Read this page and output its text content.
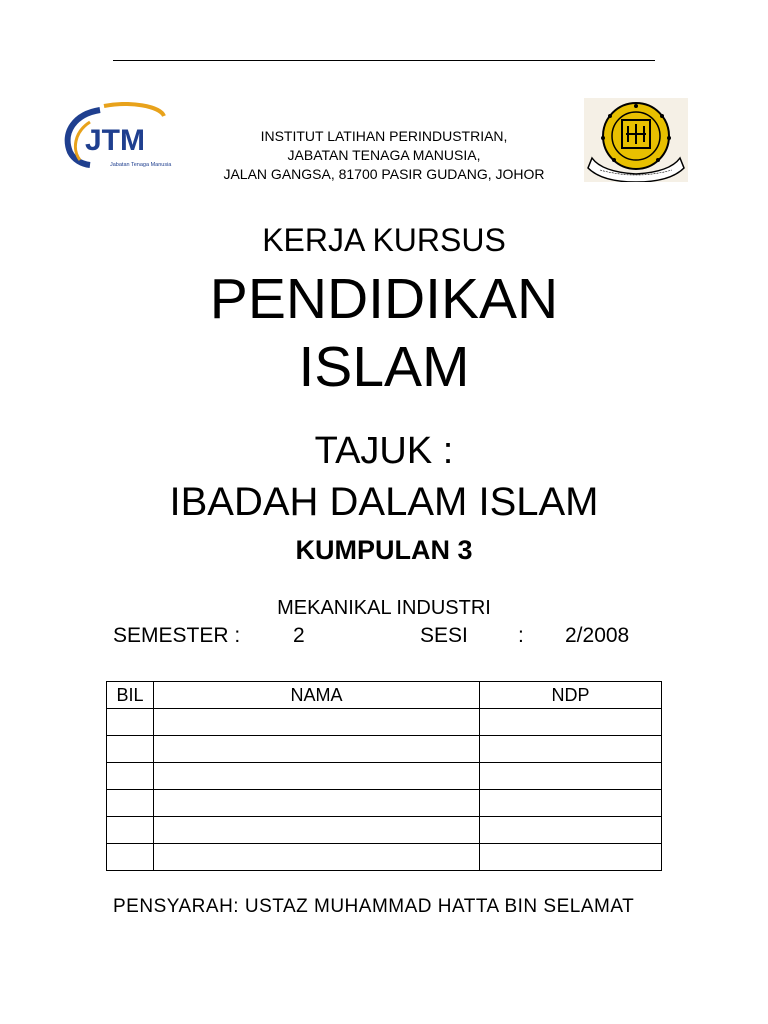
JTM
Jabatan Tenaga Manusia
INSTITUT LATIHAN PERINDUSTRIAN,
JABATAN TENAGA MANUSIA,
JALAN GANGSA, 81700 PASIR GUDANG, JOHOR
KERJA KURSUS
PENDIDIKAN
ISLAM
TAJUK :
IBADAH DALAM ISLAM
KUMPULAN 3
MEKANIKAL INDUSTRI
SEMESTER :	2	SESI : 2/2008
BIL	NAMA	NDP

PENSYARAH: USTAZ MUHAMMAD HATTA BIN SELAMAT
